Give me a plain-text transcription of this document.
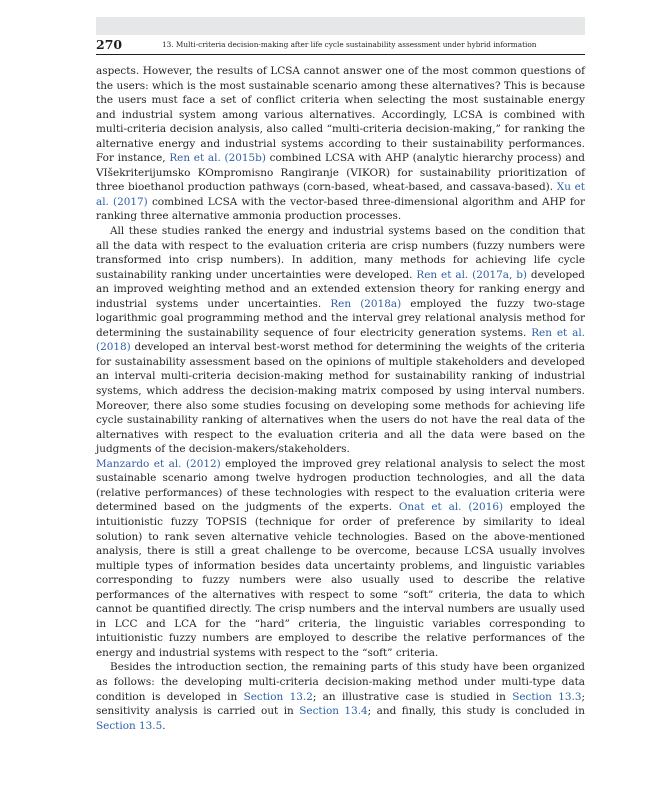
270	13. Multi-criteria decision-making after life cycle sustainability assessment under hybrid information

aspects. However, the results of LCSA cannot answer one of the most common questions of the users: which is the most sustainable scenario among these alternatives? This is because the users must face a set of conflict criteria when selecting the most sustainable energy and industrial system among various alternatives. Accordingly, LCSA is combined with multi-criteria decision analysis, also called “multi-criteria decision-making,” for ranking the alternative energy and industrial systems according to their sustainability performances. For instance, Ren et al. (2015b) combined LCSA with AHP (analytic hierarchy process) and VIšekriterijumsko KOmpromisno Rangiranje (VIKOR) for sustainability prioritization of three bioethanol production pathways (corn-based, wheat-based, and cassava-based). Xu et al. (2017) combined LCSA with the vector-based three-dimensional algorithm and AHP for ranking three alternative ammonia production processes.

All these studies ranked the energy and industrial systems based on the condition that all the data with respect to the evaluation criteria are crisp numbers (fuzzy numbers were transformed into crisp numbers). In addition, many methods for achieving life cycle sustainability ranking under uncertainties were developed. Ren et al. (2017a, b) developed an improved weighting method and an extended extension theory for ranking energy and industrial systems under uncertainties. Ren (2018a) employed the fuzzy two-stage logarithmic goal programming method and the interval grey relational analysis method for determining the sustainability sequence of four electricity generation systems. Ren et al. (2018) developed an interval best-worst method for determining the weights of the criteria for sustainability assessment based on the opinions of multiple stakeholders and developed an interval multi-criteria decision-making method for sustainability ranking of industrial systems, which address the decision-making matrix composed by using interval numbers. Moreover, there also some studies focusing on developing some methods for achieving life cycle sustainability ranking of alternatives when the users do not have the real data of the alternatives with respect to the evaluation criteria and all the data were based on the judgments of the decision-makers/stakeholders.

Manzardo et al. (2012) employed the improved grey relational analysis to select the most sustainable scenario among twelve hydrogen production technologies, and all the data (relative performances) of these technologies with respect to the evaluation criteria were determined based on the judgments of the experts. Onat et al. (2016) employed the intuitionistic fuzzy TOPSIS (technique for order of preference by similarity to ideal solution) to rank seven alternative vehicle technologies. Based on the above-mentioned analysis, there is still a great challenge to be overcome, because LCSA usually involves multiple types of information besides data uncertainty problems, and linguistic variables corresponding to fuzzy numbers were also usually used to describe the relative performances of the alternatives with respect to some “soft” criteria, the data to which cannot be quantified directly. The crisp numbers and the interval numbers are usually used in LCC and LCA for the “hard” criteria, the linguistic variables corresponding to intuitionistic fuzzy numbers are employed to describe the relative performances of the energy and industrial systems with respect to the “soft” criteria.

Besides the introduction section, the remaining parts of this study have been organized as follows: the developing multi-criteria decision-making method under multi-type data condition is developed in Section 13.2; an illustrative case is studied in Section 13.3; sensitivity analysis is carried out in Section 13.4; and finally, this study is concluded in Section 13.5.
